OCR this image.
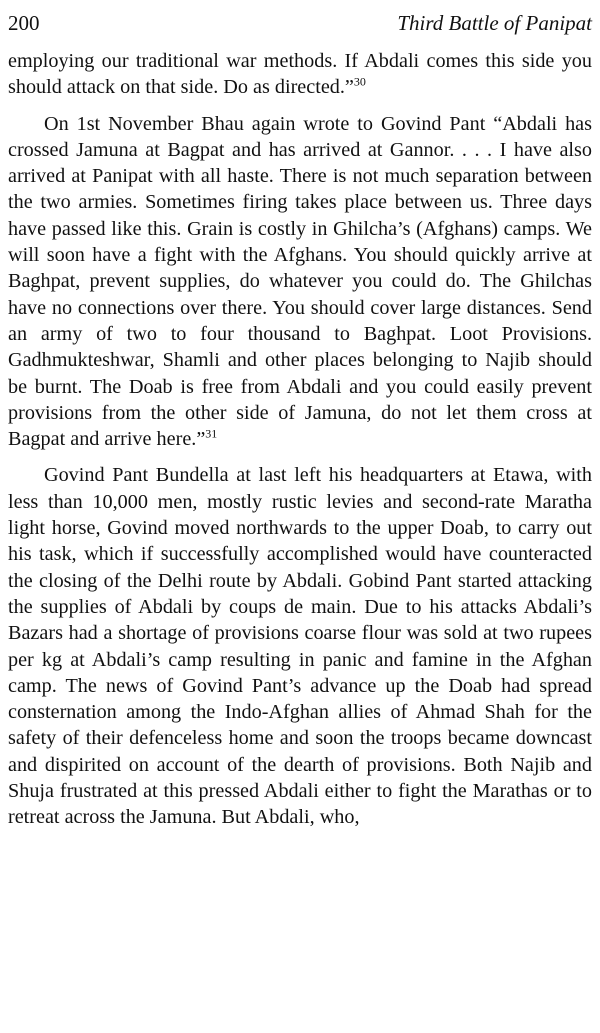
200	Third Battle of Panipat

employing our traditional war methods. If Abdali comes this side you should attack on that side. Do as directed.”$^{30}$

On 1st November Bhau again wrote to Govind Pant “Abdali has crossed Jamuna at Bagpat and has arrived at Gannor. . . . I have also arrived at Panipat with all haste. There is not much separation between the two armies. Sometimes firing takes place between us. Three days have passed like this. Grain is costly in Ghilcha’s (Afghans) camps. We will soon have a fight with the Afghans. You should quickly arrive at Baghpat, prevent supplies, do whatever you could do. The Ghilchas have no connections over there. You should cover large distances. Send an army of two to four thousand to Baghpat. Loot Provisions. Gadhmukteshwar, Shamli and other places belonging to Najib should be burnt. The Doab is free from Abdali and you could easily prevent provisions from the other side of Jamuna, do not let them cross at Bagpat and arrive here.”$^{31}$

Govind Pant Bundella at last left his headquarters at Etawa, with less than 10,000 men, mostly rustic levies and second-rate Maratha light horse, Govind moved northwards to the upper Doab, to carry out his task, which if successfully accomplished would have counteracted the closing of the Delhi route by Abdali. Gobind Pant started attacking the supplies of Abdali by coups de main. Due to his attacks Abdali’s Bazars had a shortage of provisions coarse flour was sold at two rupees per kg at Abdali’s camp resulting in panic and famine in the Afghan camp. The news of Govind Pant’s advance up the Doab had spread consternation among the Indo-Afghan allies of Ahmad Shah for the safety of their defenceless home and soon the troops became downcast and dispirited on account of the dearth of provisions. Both Najib and Shuja frustrated at this pressed Abdali either to fight the Marathas or to retreat across the Jamuna. But Abdali, who,
